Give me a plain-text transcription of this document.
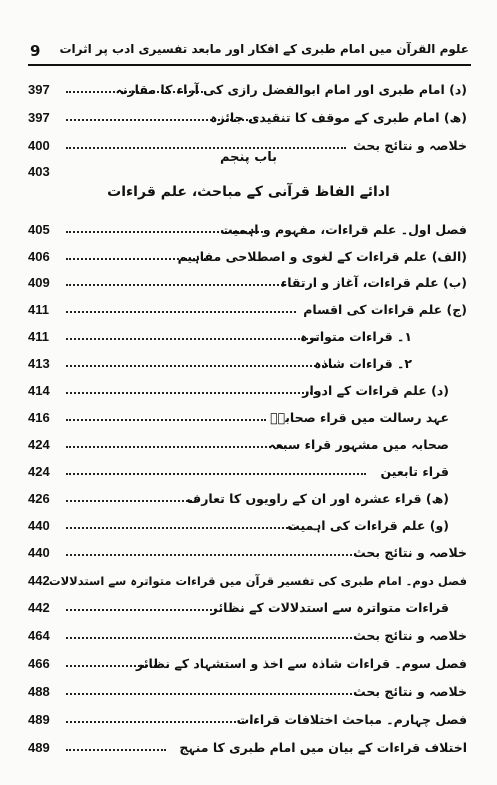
9 علوم القرآن میں امام طبری کے افکار اور مابعد تفسیری ادب پر اثرات
397	(د) امام طبری اور امام ابوالفضل رازی کی آراء کا مقارنہ
397	(ھ) امام طبری کے موقف کا تنقیدی جائزہ
400	خلاصہ و نتائج بحث
403
باب پنجم
ادائے الفاظ قرآنی کے مباحث، علم قراءات
405	فصل اول۔ علم قراءات، مفہوم و اہمیت
406	(الف) علم قراءات کے لغوی و اصطلاحی مفاہیم
409	(ب) علم قراءات، آغاز و ارتقاء
411	(ج) علم قراءات کی اقسام
411	۱۔ قراءات متواترہ
413	۲۔ قراءات شاذہ
414	(د) علم قراءات کے ادوار
416	عہد رسالت میں قراء صحابہؓ
424	صحابہ میں مشہور قراء سبعہ
424	قراء تابعین
426	(ھ) قراء عشرہ اور ان کے راویوں کا تعارف
440	(و) علم قراءات کی اہمیت
440	خلاصہ و نتائج بحث
442 فصل دوم۔ امام طبری کی تفسیر قرآن میں قراءات متواترہ سے استدلالات
442	قراءات متواترہ سے استدلالات کے نظائر
464	خلاصہ و نتائج بحث
466	فصل سوم۔ قراءات شاذہ سے اخذ و استشہاد کے نظائر
488	خلاصہ و نتائج بحث
489	فصل چہارم۔ مباحث اختلافات قراءات
489	اختلاف قراءات کے بیان میں امام طبری کا منہج
